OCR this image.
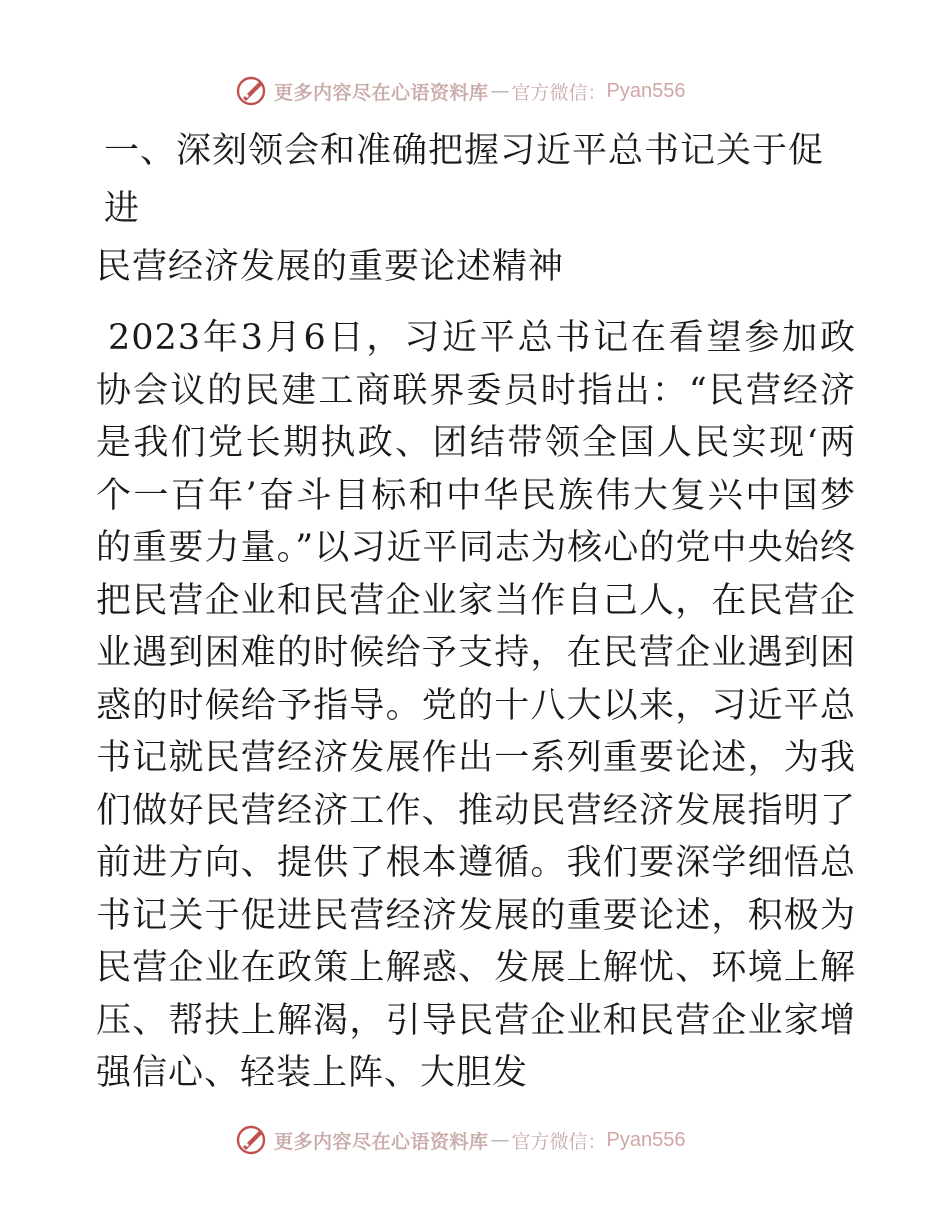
更多内容尽在心语资料库 — 官方微信： Pyan556
一、深刻领会和准确把握习近平总书记关于促进
民营经济发展的重要论述精神

2023年3月6日，习近平总书记在看望参加政协会议的民建工商联界委员时指出：“民营经济是我们党长期执政、团结带领全国人民实现‘两个一百年’奋斗目标和中华民族伟大复兴中国梦的重要力量。”以习近平同志为核心的党中央始终把民营企业和民营企业家当作自己人，在民营企业遇到困难的时候给予支持，在民营企业遇到困惑的时候给予指导。党的十八大以来，习近平总书记就民营经济发展作出一系列重要论述，为我们做好民营经济工作、推动民营经济发展指明了前进方向、提供了根本遵循。我们要深学细悟总书记关于促进民营经济发展的重要论述，积极为民营企业在政策上解惑、发展上解忧、环境上解压、帮扶上解渴，引导民营企业和民营企业家增强信心、轻装上阵、大胆发

更多内容尽在心语资料库 — 官方微信： Pyan556
